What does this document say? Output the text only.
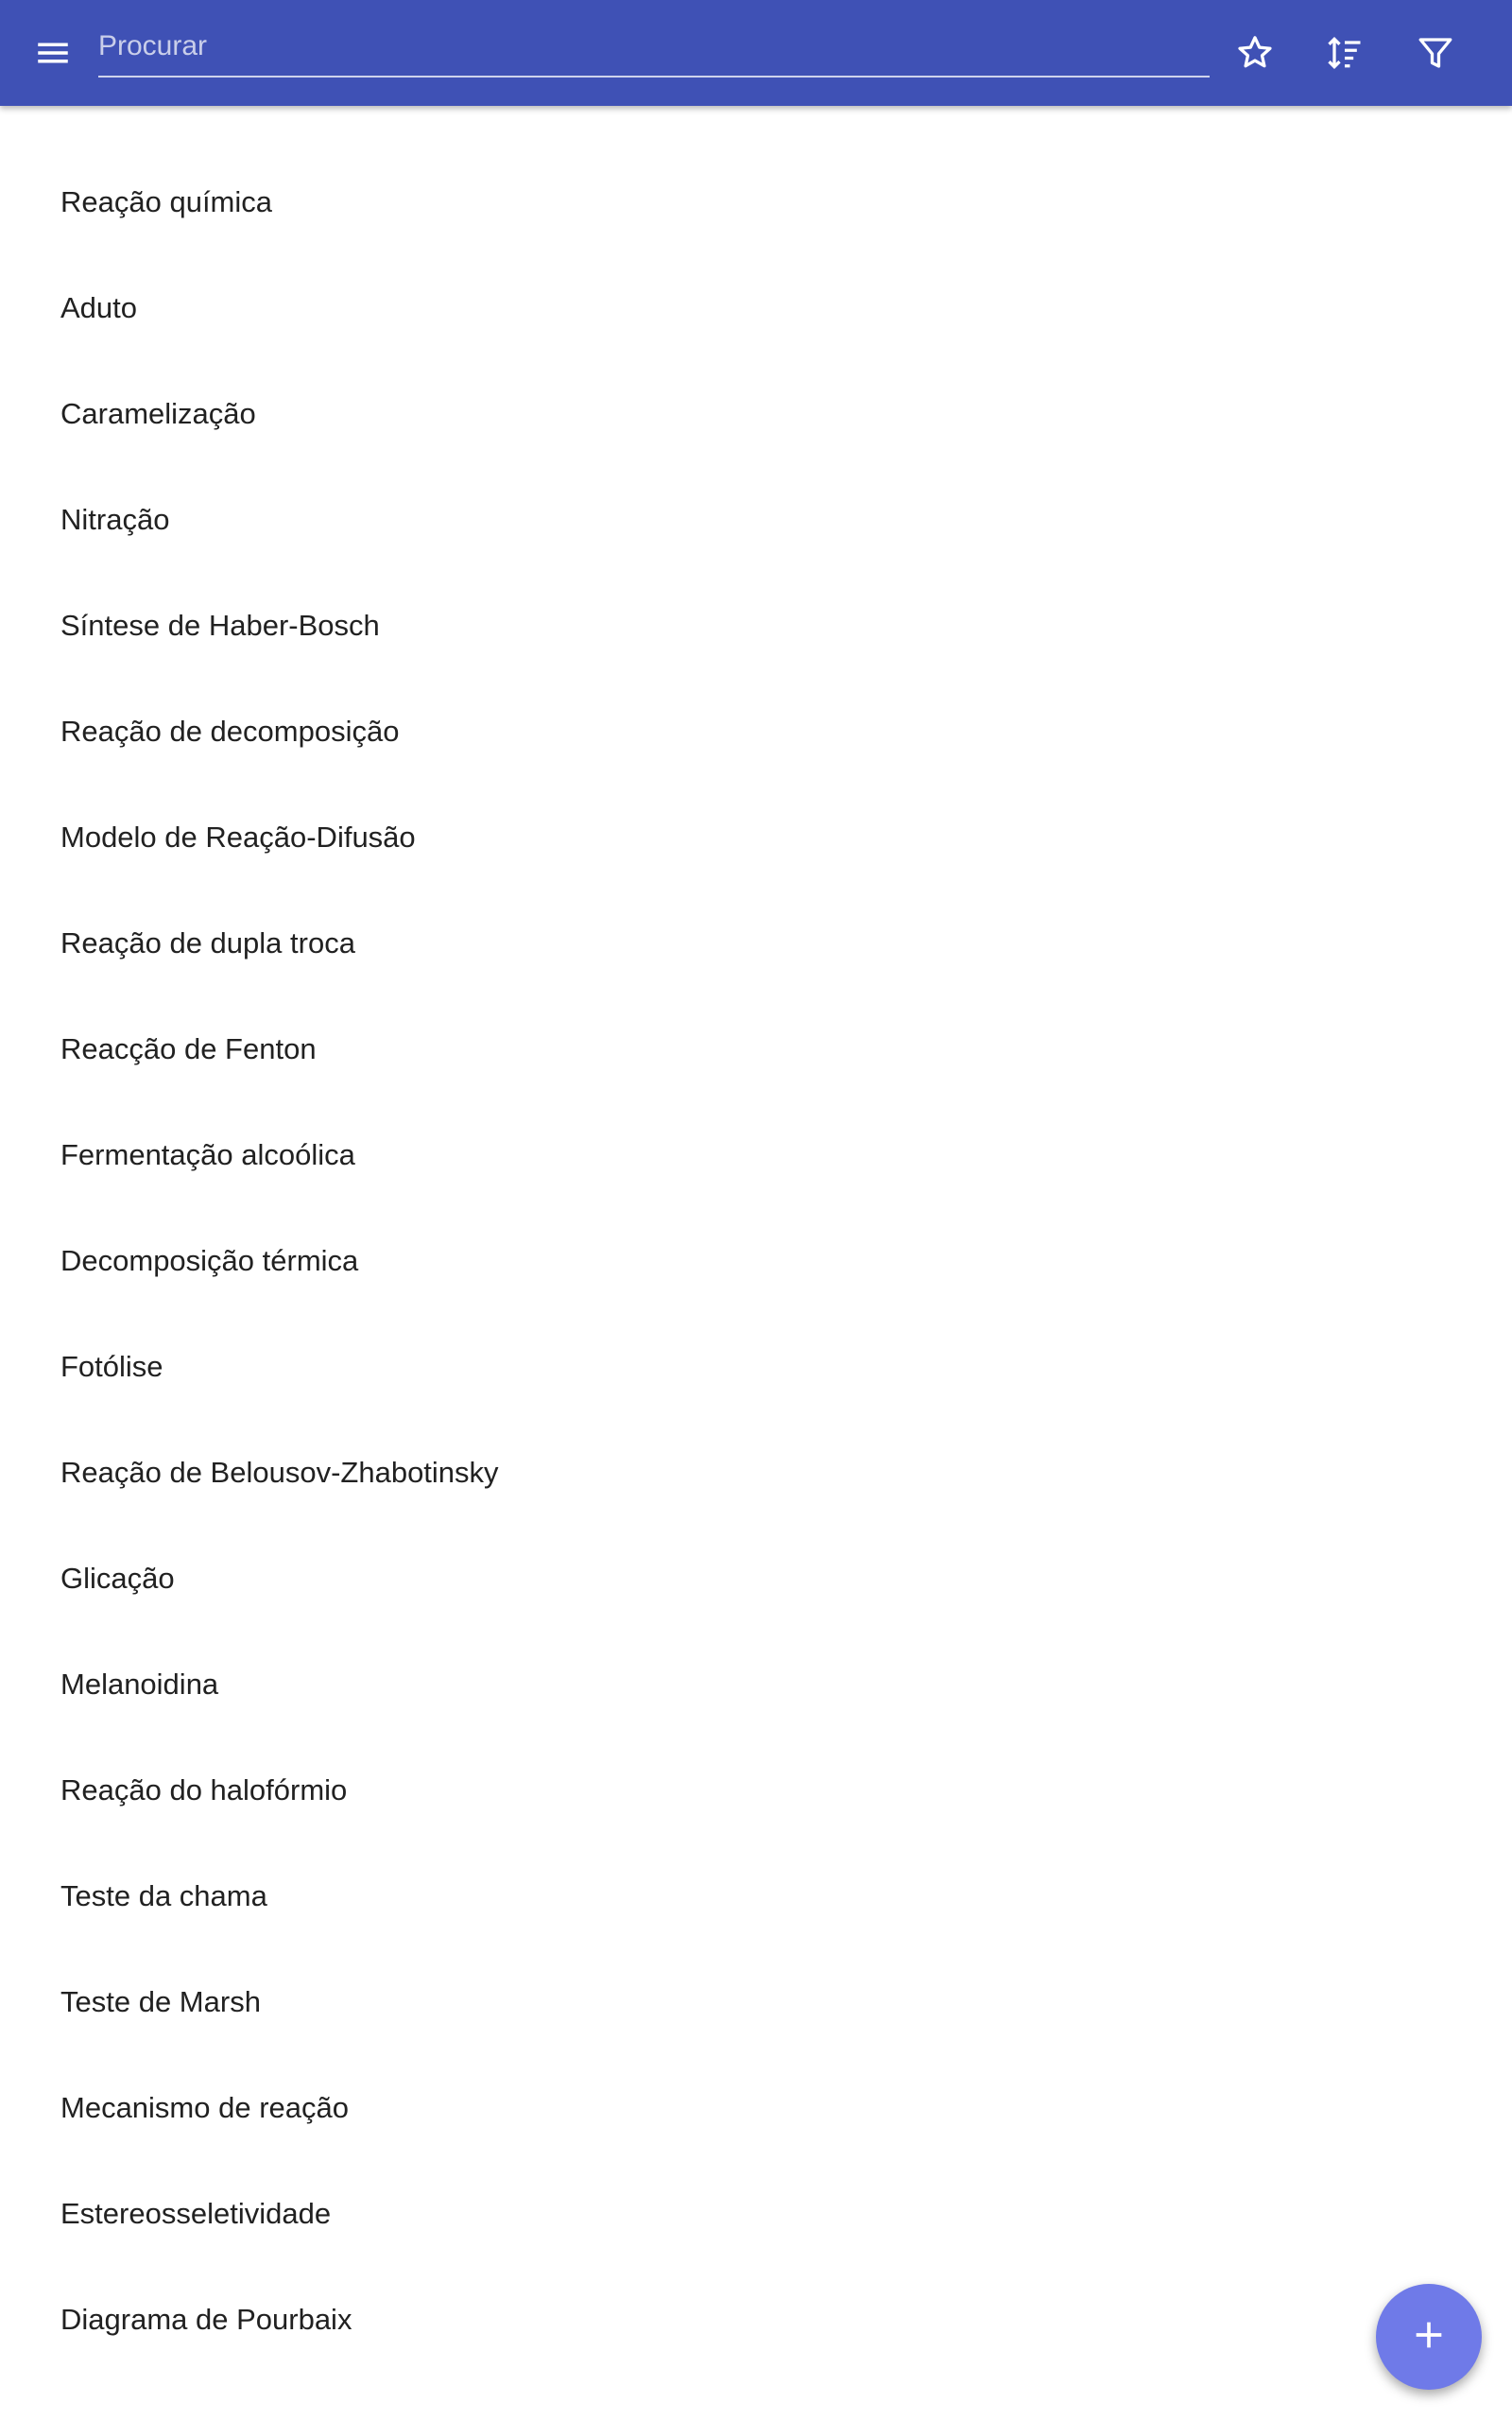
Procurar
Reação química
Aduto
Caramelização
Nitração
Síntese de Haber-Bosch
Reação de decomposição
Modelo de Reação-Difusão
Reação de dupla troca
Reacção de Fenton
Fermentação alcoólica
Decomposição térmica
Fotólise
Reação de Belousov-Zhabotinsky
Glicação
Melanoidina
Reação do halofórmio
Teste da chama
Teste de Marsh
Mecanismo de reação
Estereosseletividade
Diagrama de Pourbaix
